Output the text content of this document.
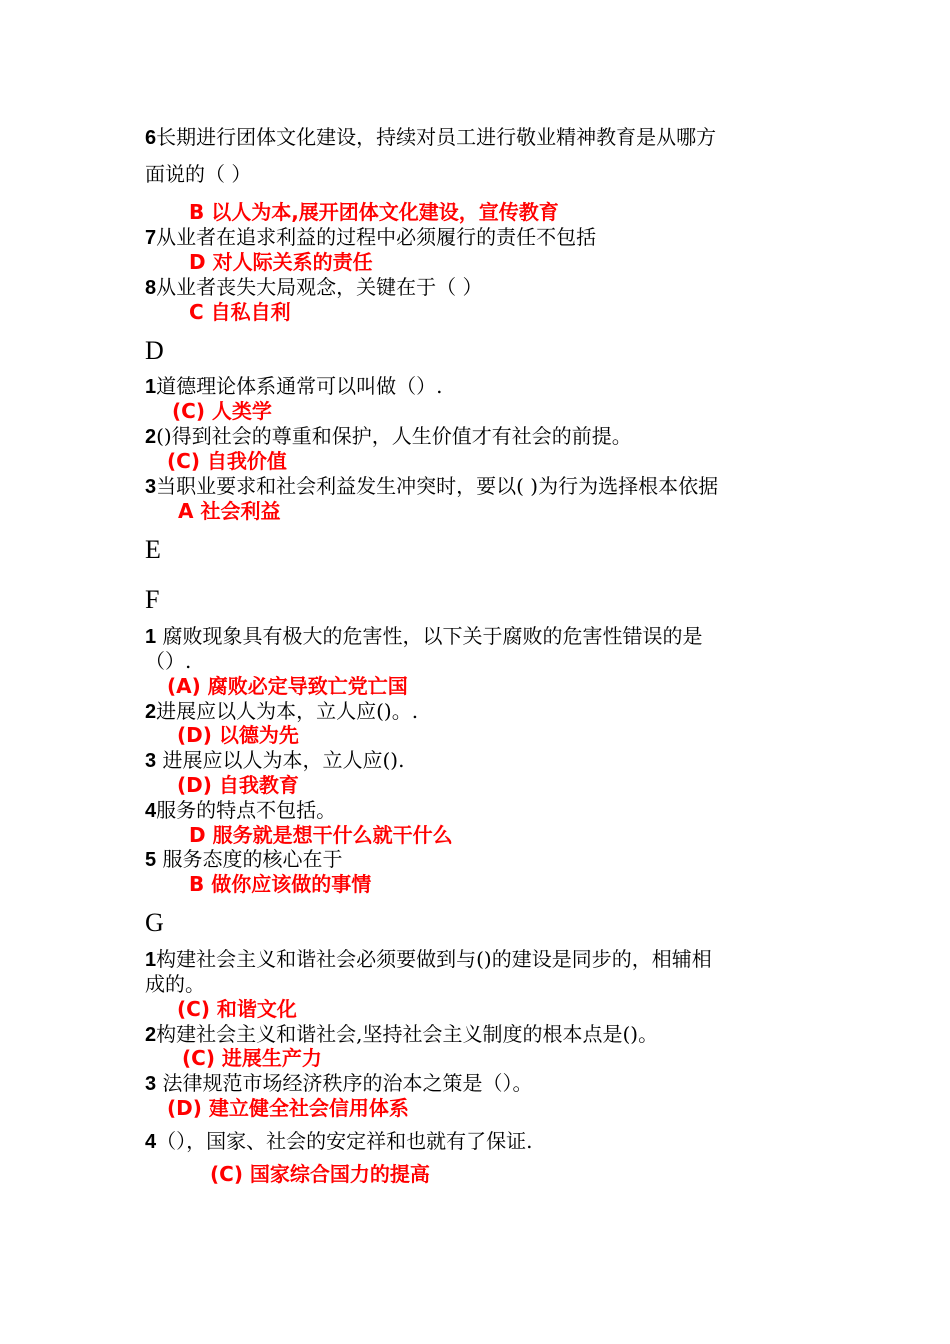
6长期进行团体文化建设，持续对员工进行敬业精神教育是从哪方
面说的（ ）
B 以人为本,展开团体文化建设，宣传教育
7从业者在追求利益的过程中必须履行的责任不包括
D 对人际关系的责任
8从业者丧失大局观念，关键在于（ ）
C 自私自利
D
1道德理论体系通常可以叫做（）.
(C) 人类学
2()得到社会的尊重和保护，人生价值才有社会的前提。
(C) 自我价值
3当职业要求和社会利益发生冲突时，要以( )为行为选择根本依据
A 社会利益
E
F
1 腐败现象具有极大的危害性，以下关于腐败的危害性错误的是
（）.
(A) 腐败必定导致亡党亡国
2进展应以人为本，立人应()。.
(D) 以德为先
3 进展应以人为本，立人应().
(D) 自我教育
4服务的特点不包括。
D 服务就是想干什么就干什么
5 服务态度的核心在于
B 做你应该做的事情
G
1构建社会主义和谐社会必须要做到与()的建设是同步的，相辅相
成的。
(C) 和谐文化
2构建社会主义和谐社会,坚持社会主义制度的根本点是()。
(C) 进展生产力
3 法律规范市场经济秩序的治本之策是（）。
(D) 建立健全社会信用体系
4（），国家、社会的安定祥和也就有了保证.
(C) 国家综合国力的提高
